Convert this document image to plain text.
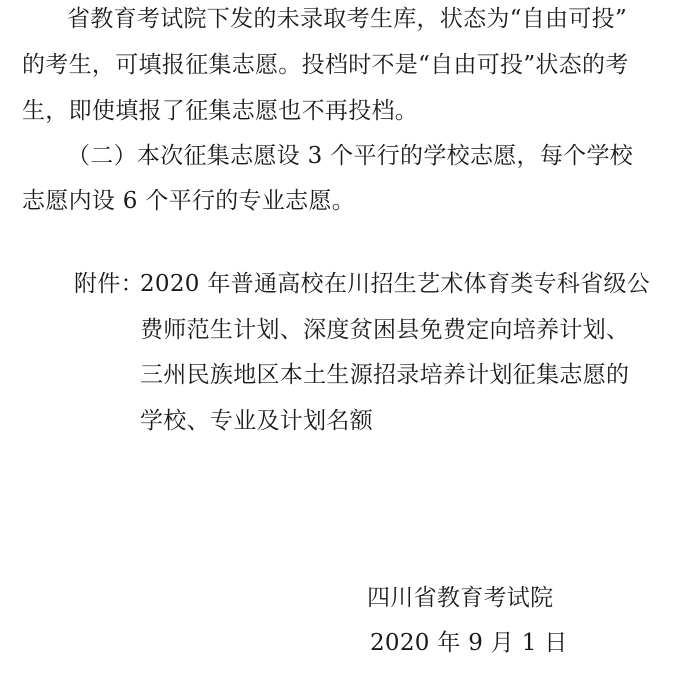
省教育考试院下发的未录取考生库，状态为“自由可投”
的考生，可填报征集志愿。投档时不是“自由可投”状态的考
生，即使填报了征集志愿也不再投档。
（二）本次征集志愿设 3 个平行的学校志愿，每个学校
志愿内设 6 个平行的专业志愿。
附件：
2020 年普通高校在川招生艺术体育类专科省级公
费师范生计划、深度贫困县免费定向培养计划、
三州民族地区本土生源招录培养计划征集志愿的
学校、专业及计划名额
四川省教育考试院
2020 年 9 月 1 日
